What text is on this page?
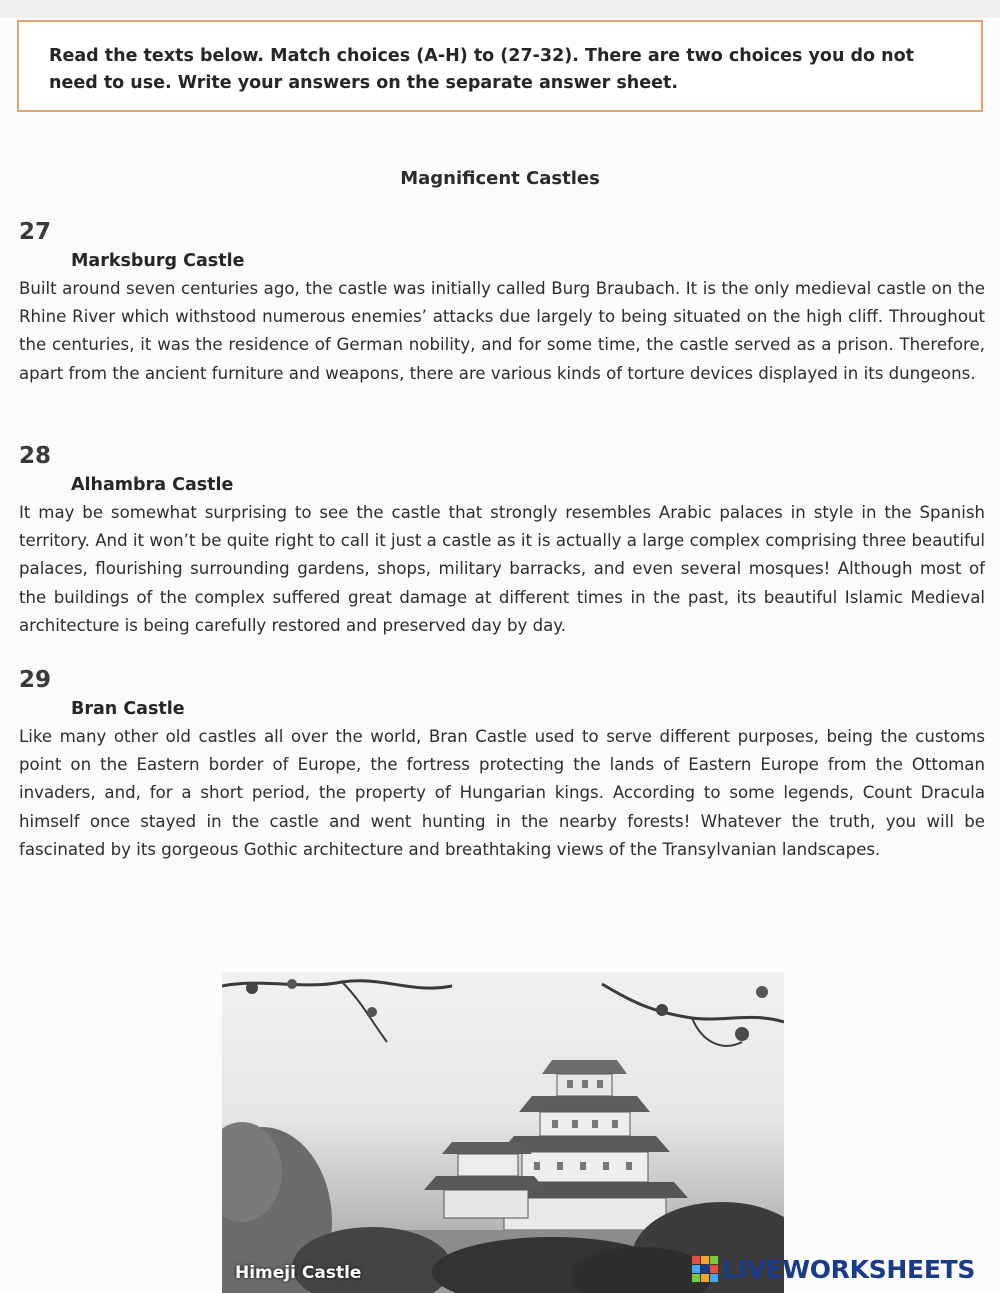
Read the texts below. Match choices (A-H) to (27-32). There are two choices you do not need to use. Write your answers on the separate answer sheet.
Magnificent Castles
27
Marksburg Castle
Built around seven centuries ago, the castle was initially called Burg Braubach. It is the only medieval castle on the Rhine River which withstood numerous enemies’ attacks due largely to being situated on the high cliff. Throughout the centuries, it was the residence of German nobility, and for some time, the castle served as a prison. Therefore, apart from the ancient furniture and weapons, there are various kinds of torture devices displayed in its dungeons.
28
Alhambra Castle
It may be somewhat surprising to see the castle that strongly resembles Arabic palaces in style in the Spanish territory. And it won’t be quite right to call it just a castle as it is actually a large complex comprising three beautiful palaces, flourishing surrounding gardens, shops, military barracks, and even several mosques! Although most of the buildings of the complex suffered great damage at different times in the past, its beautiful Islamic Medieval architecture is being carefully restored and preserved day by day.
29
Bran Castle
Like many other old castles all over the world, Bran Castle used to serve different purposes, being the customs point on the Eastern border of Europe, the fortress protecting the lands of Eastern Europe from the Ottoman invaders, and, for a short period, the property of Hungarian kings. According to some legends, Count Dracula himself once stayed in the castle and went hunting in the nearby forests! Whatever the truth, you will be fascinated by its gorgeous Gothic architecture and breathtaking views of the Transylvanian landscapes.
Himeji Castle	LIVEWORKSHEETS
